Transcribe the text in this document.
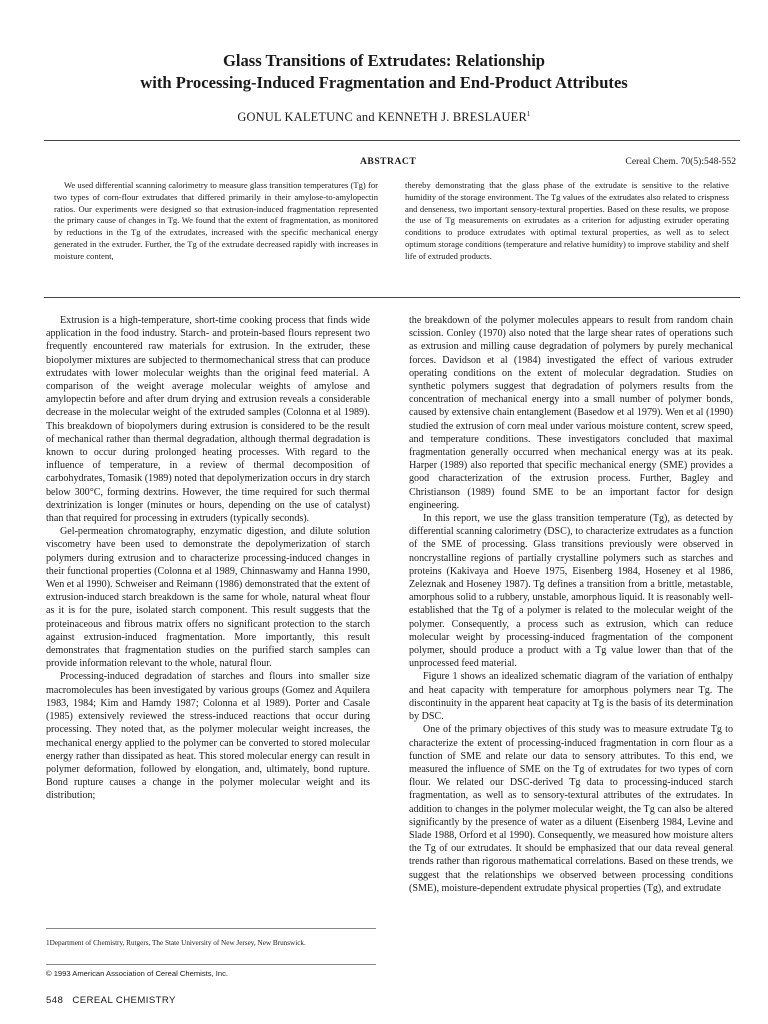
Glass Transitions of Extrudates: Relationship
with Processing-Induced Fragmentation and End-Product Attributes
GONUL KALETUNC and KENNETH J. BRESLAUER$^1$
ABSTRACT	Cereal Chem. 70(5):548-552
We used differential scanning calorimetry to measure glass transition temperatures (Tg) for two types of corn-flour extrudates that differed primarily in their amylose-to-amylopectin ratios. Our experiments were designed so that extrusion-induced fragmentation represented the primary cause of changes in Tg. We found that the extent of fragmentation, as monitored by reductions in the Tg of the extrudates, increased with the specific mechanical energy generated in the extruder. Further, the Tg of the extrudate decreased rapidly with increases in moisture content,
thereby demonstrating that the glass phase of the extrudate is sensitive to the relative humidity of the storage environment. The Tg values of the extrudates also related to crispness and denseness, two important sensory-textural properties. Based on these results, we propose the use of Tg measurements on extrudates as a criterion for adjusting extruder operating conditions to produce extrudates with optimal textural properties, as well as to select optimum storage conditions (temperature and relative humidity) to improve stability and shelf life of extruded products.

Extrusion is a high-temperature, short-time cooking process that finds wide application in the food industry. Starch- and protein-based flours represent two frequently encountered raw materials for extrusion. In the extruder, these biopolymer mixtures are subjected to thermomechanical stress that can produce extrudates with lower molecular weights than the original feed material. A comparison of the weight average molecular weights of amylose and amylopectin before and after drum drying and extrusion reveals a considerable decrease in the molecular weight of the extruded samples (Colonna et al 1989). This breakdown of biopolymers during extrusion is considered to be the result of mechanical rather than thermal degradation, although thermal degradation is known to occur during prolonged heating processes. With regard to the influence of temperature, in a review of thermal decomposition of carbohydrates, Tomasik (1989) noted that depolymerization occurs in dry starch below 300°C, forming dextrins. However, the time required for such thermal dextrinization is longer (minutes or hours, depending on the use of catalyst) than that required for processing in extruders (typically seconds).

Gel-permeation chromatography, enzymatic digestion, and dilute solution viscometry have been used to demonstrate the depolymerization of starch polymers during extrusion and to characterize processing-induced changes in their functional properties (Colonna et al 1989, Chinnaswamy and Hanna 1990, Wen et al 1990). Schweiser and Reimann (1986) demonstrated that the extent of extrusion-induced starch breakdown is the same for whole, natural wheat flour as it is for the pure, isolated starch component. This result suggests that the proteinaceous and fibrous matrix offers no significant protection to the starch against extrusion-induced fragmentation. More importantly, this result demonstrates that fragmentation studies on the purified starch samples can provide information relevant to the whole, natural flour.

Processing-induced degradation of starches and flours into smaller size macromolecules has been investigated by various groups (Gomez and Aquilera 1983, 1984; Kim and Hamdy 1987; Colonna et al 1989). Porter and Casale (1985) extensively reviewed the stress-induced reactions that occur during processing. They noted that, as the polymer molecular weight increases, the mechanical energy applied to the polymer can be converted to stored molecular energy rather than dissipated as heat. This stored molecular energy can result in polymer deformation, followed by elongation, and, ultimately, bond rupture. Bond rupture causes a change in the polymer molecular weight and its distribution;

the breakdown of the polymer molecules appears to result from random chain scission. Conley (1970) also noted that the large shear rates of operations such as extrusion and milling cause degradation of polymers by purely mechanical forces. Davidson et al (1984) investigated the effect of various extruder operating conditions on the extent of molecular degradation. Studies on synthetic polymers suggest that degradation of polymers results from the concentration of mechanical energy into a small number of polymer bonds, caused by extensive chain entanglement (Basedow et al 1979). Wen et al (1990) studied the extrusion of corn meal under various moisture content, screw speed, and temperature conditions. These investigators concluded that maximal fragmentation generally occurred when mechanical energy was at its peak. Harper (1989) also reported that specific mechanical energy (SME) provides a good characterization of the extrusion process. Further, Bagley and Christianson (1989) found SME to be an important factor for design engineering.

In this report, we use the glass transition temperature (Tg), as detected by differential scanning calorimetry (DSC), to characterize extrudates as a function of the SME of processing. Glass transitions previously were observed in noncrystalline regions of partially crystalline polymers such as starches and proteins (Kakivaya and Hoeve 1975, Eisenberg 1984, Hoseney et al 1986, Zeleznak and Hoseney 1987). Tg defines a transition from a brittle, metastable, amorphous solid to a rubbery, unstable, amorphous liquid. It is reasonably well-established that the Tg of a polymer is related to the molecular weight of the polymer. Consequently, a process such as extrusion, which can reduce molecular weight by processing-induced fragmentation of the component polymer, should produce a product with a Tg value lower than that of the unprocessed feed material.

Figure 1 shows an idealized schematic diagram of the variation of enthalpy and heat capacity with temperature for amorphous polymers near Tg. The discontinuity in the apparent heat capacity at Tg is the basis of its determination by DSC.

One of the primary objectives of this study was to measure extrudate Tg to characterize the extent of processing-induced fragmentation in corn flour as a function of SME and relate our data to sensory attributes. To this end, we measured the influence of SME on the Tg of extrudates for two types of corn flour. We related our DSC-derived Tg data to processing-induced starch fragmentation, as well as to sensory-textural attributes of the extrudates. In addition to changes in the polymer molecular weight, the Tg can also be altered significantly by the presence of water as a diluent (Eisenberg 1984, Levine and Slade 1988, Orford et al 1990). Consequently, we measured how moisture alters the Tg of our extrudates. It should be emphasized that our data reveal general trends rather than rigorous mathematical correlations. Based on these trends, we suggest that the relationships we observed between processing conditions (SME), moisture-dependent extrudate physical properties (Tg), and extrudate

1Department of Chemistry, Rutgers, The State University of New Jersey, New Brunswick.
© 1993 American Association of Cereal Chemists, Inc.
548   CEREAL CHEMISTRY
